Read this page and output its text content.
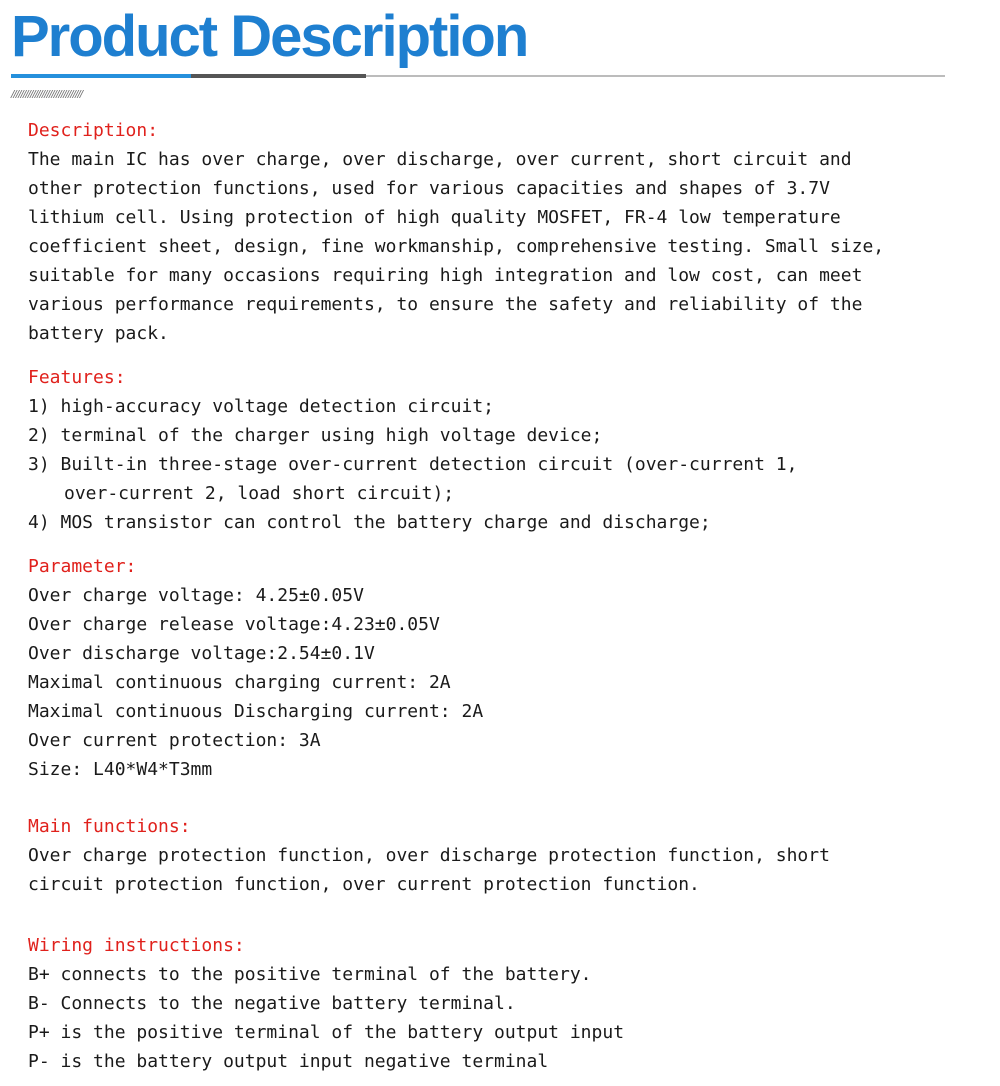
Product Description

//////////////////////////////

Description:
The main IC has over charge, over discharge, over current, short circuit and
other protection functions, used for various capacities and shapes of 3.7V
lithium cell. Using protection of high quality MOSFET, FR-4 low temperature
coefficient sheet, design, fine workmanship, comprehensive testing. Small size,
suitable for many occasions requiring high integration and low cost, can meet
various performance requirements, to ensure the safety and reliability of the
battery pack.
Features:
1) high-accuracy voltage detection circuit;
2) terminal of the charger using high voltage device;
3) Built-in three-stage over-current detection circuit (over-current 1,
over-current 2, load short circuit);
4) MOS transistor can control the battery charge and discharge;
Parameter:
Over charge voltage: 4.25±0.05V
Over charge release voltage:4.23±0.05V
Over discharge voltage:2.54±0.1V
Maximal continuous charging current: 2A
Maximal continuous Discharging current: 2A
Over current protection: 3A
Size: L40*W4*T3mm
Main functions:
Over charge protection function, over discharge protection function, short
circuit protection function, over current protection function.
Wiring instructions:
B+ connects to the positive terminal of the battery.
B- Connects to the negative battery terminal.
P+ is the positive terminal of the battery output input
P- is the battery output input negative terminal
